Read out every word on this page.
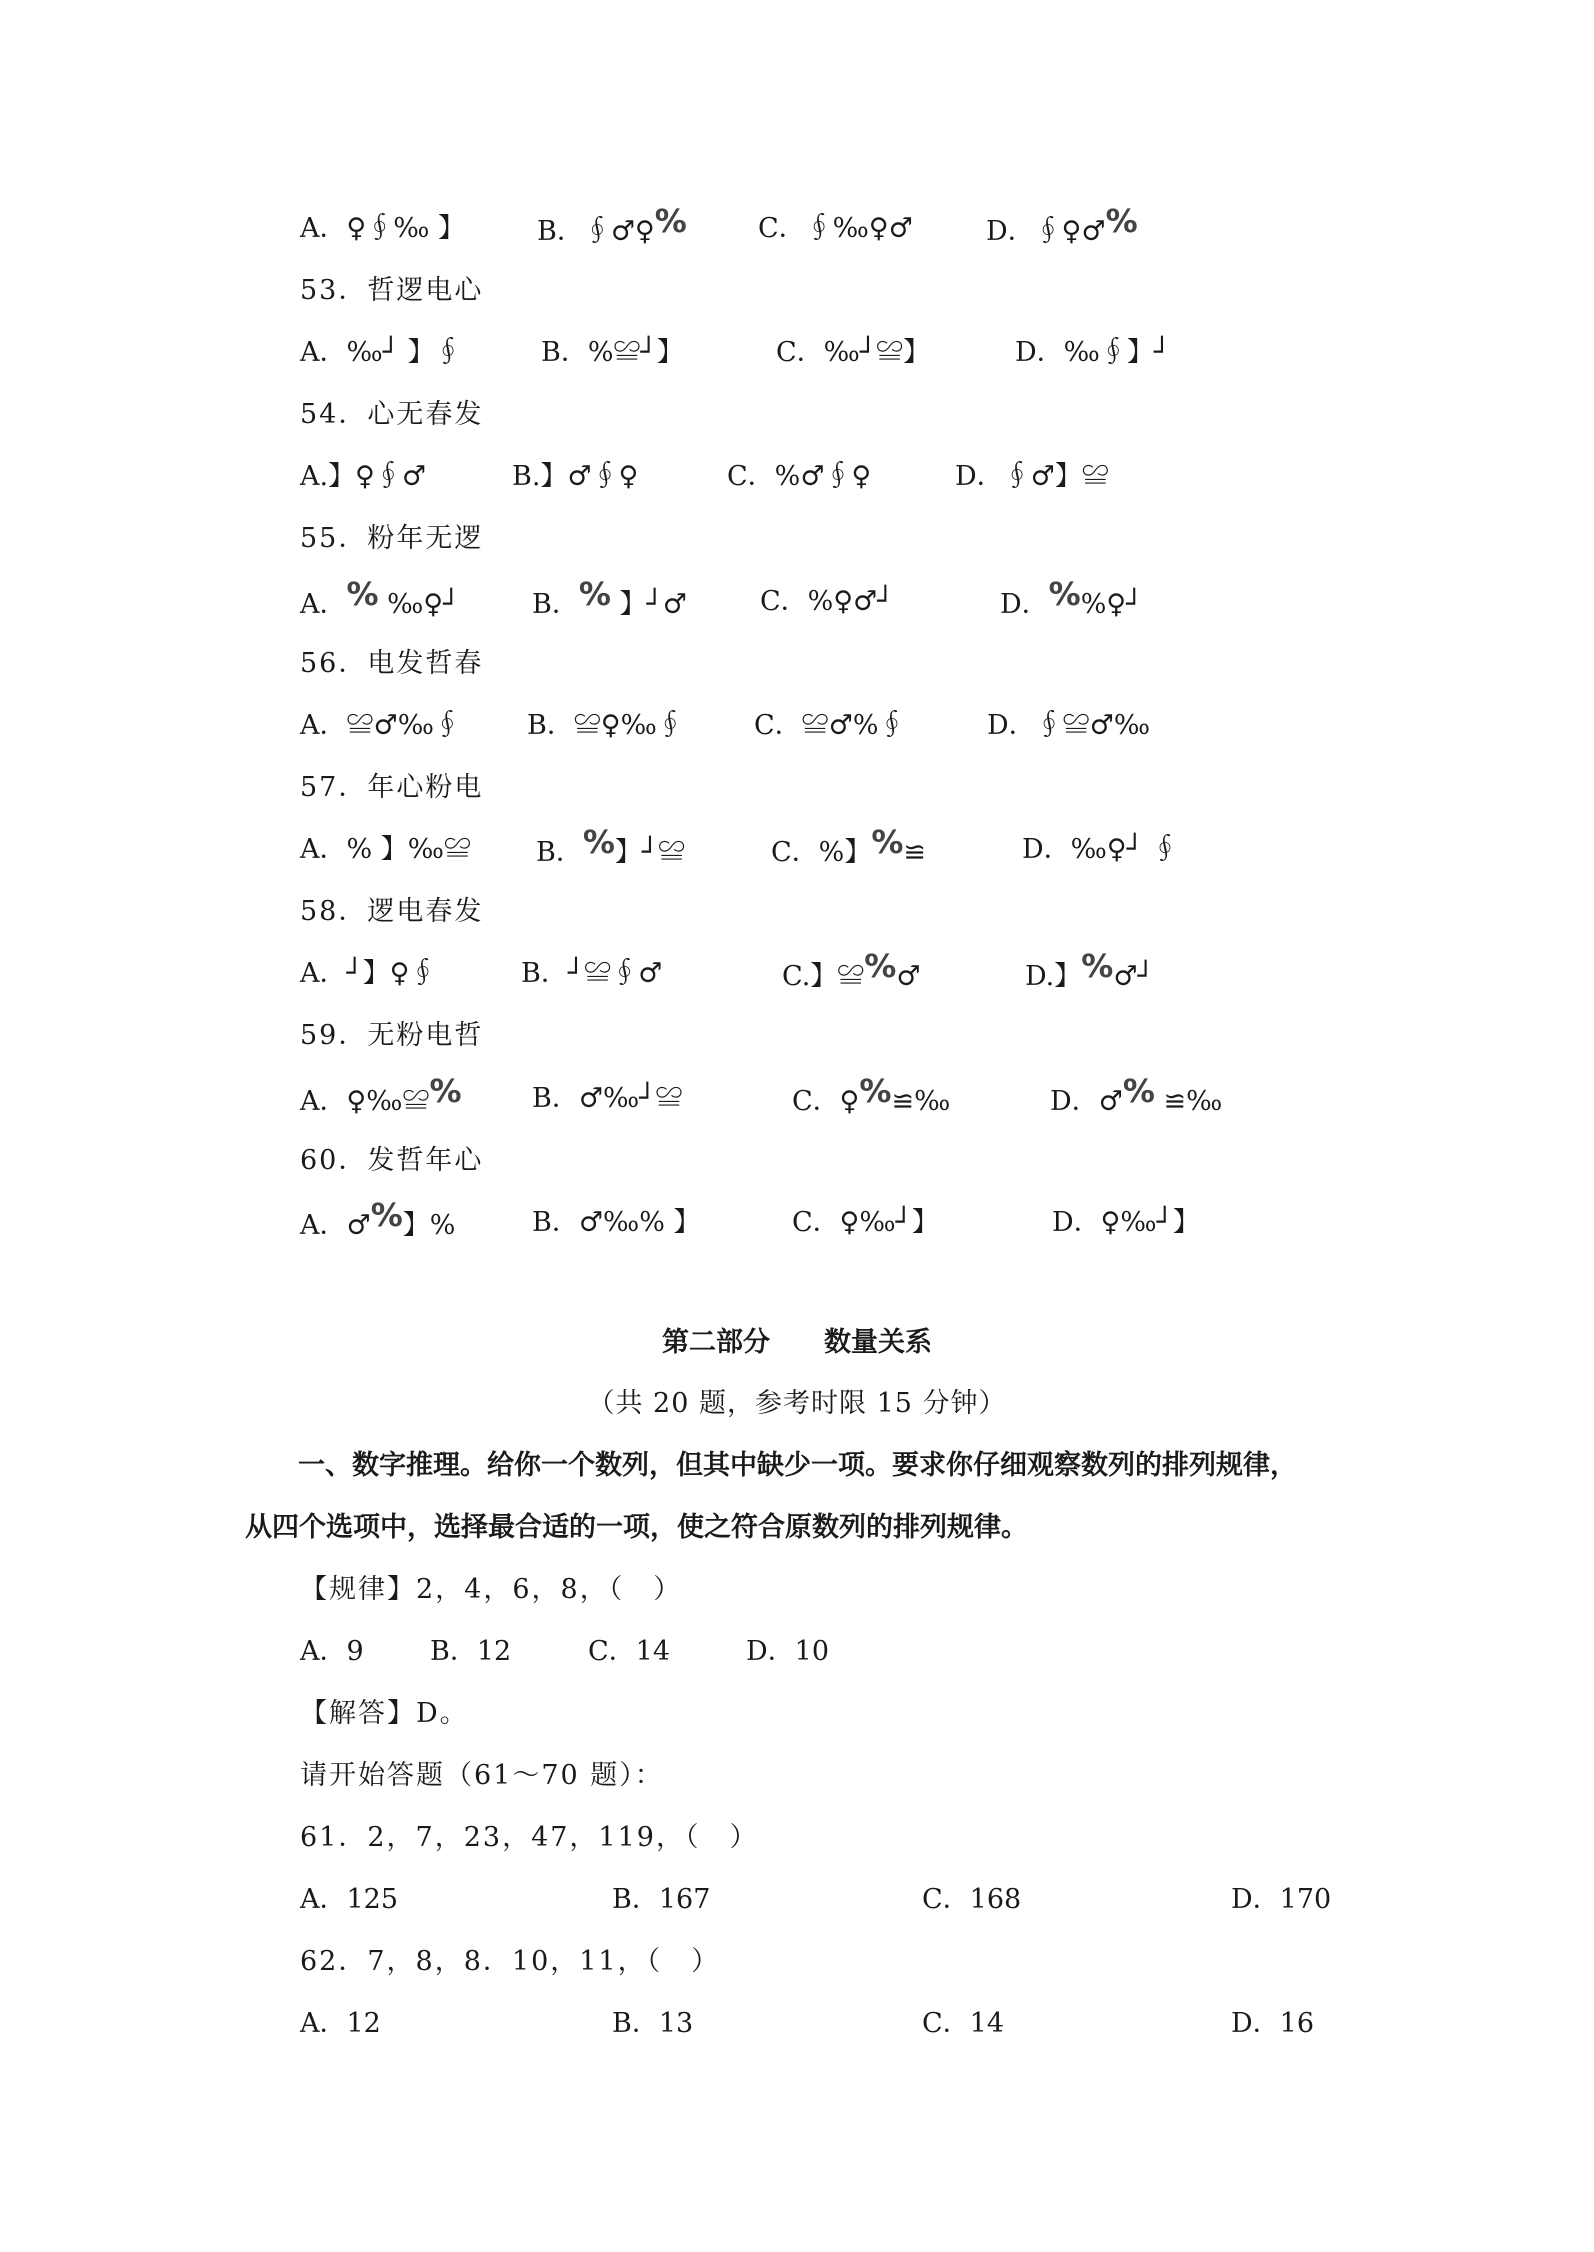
A．♀∮‰ 】	B．∮♂♀%	C．∮‰♀♂	D．∮♀♂%
53．哲逻电心
A．‰┘ 】∮	B．%≌┘】	C．‰┘≌】	D．‰∮】┘
54．心无春发
A.】♀∮♂	B.】♂∮♀	C．%♂∮♀	D．∮♂】≌
55．粉年无逻
A．% ‰♀┘	B．% 】┘♂	C．%♀♂┘	D．%%♀┘
56．电发哲春
A．≌♂‰∮ B．≌♀‰∮	C．≌♂%∮	D．∮≌♂‰
57．年心粉电
A．% 】‰≌ B．%】┘≌	C．%】%≌	D．‰♀┘ ∮
58．逻电春发
A．┘】♀∮	B．┘≌∮♂	C.】≌%♂	D.】%♂┘
59．无粉电哲
A．♀‰≌%	B．♂‰┘≌	C．♀%≌‰	D．♂% ≌‰
60．发哲年心
A．♂%】%	B．♂‰% 】	C．♀‰┘】	D．♀‰┘】
第二部分　　数量关系
（共 20 题，参考时限 15 分钟）
一、数字推理。给你一个数列，但其中缺少一项。要求你仔细观察数列的排列规律，
从四个选项中，选择最合适的一项，使之符合原数列的排列规律。
【规律】2，4，6，8，（　）
A．9 B．12	C．14	D．10
【解答】D。
请开始答题（61～70 题）：
61．2，7，23，47，119，（　）
A．125	B．167	C．168	D．170
62．7，8，8．10，11，（　）
A．12	B．13	C．14	D．16
